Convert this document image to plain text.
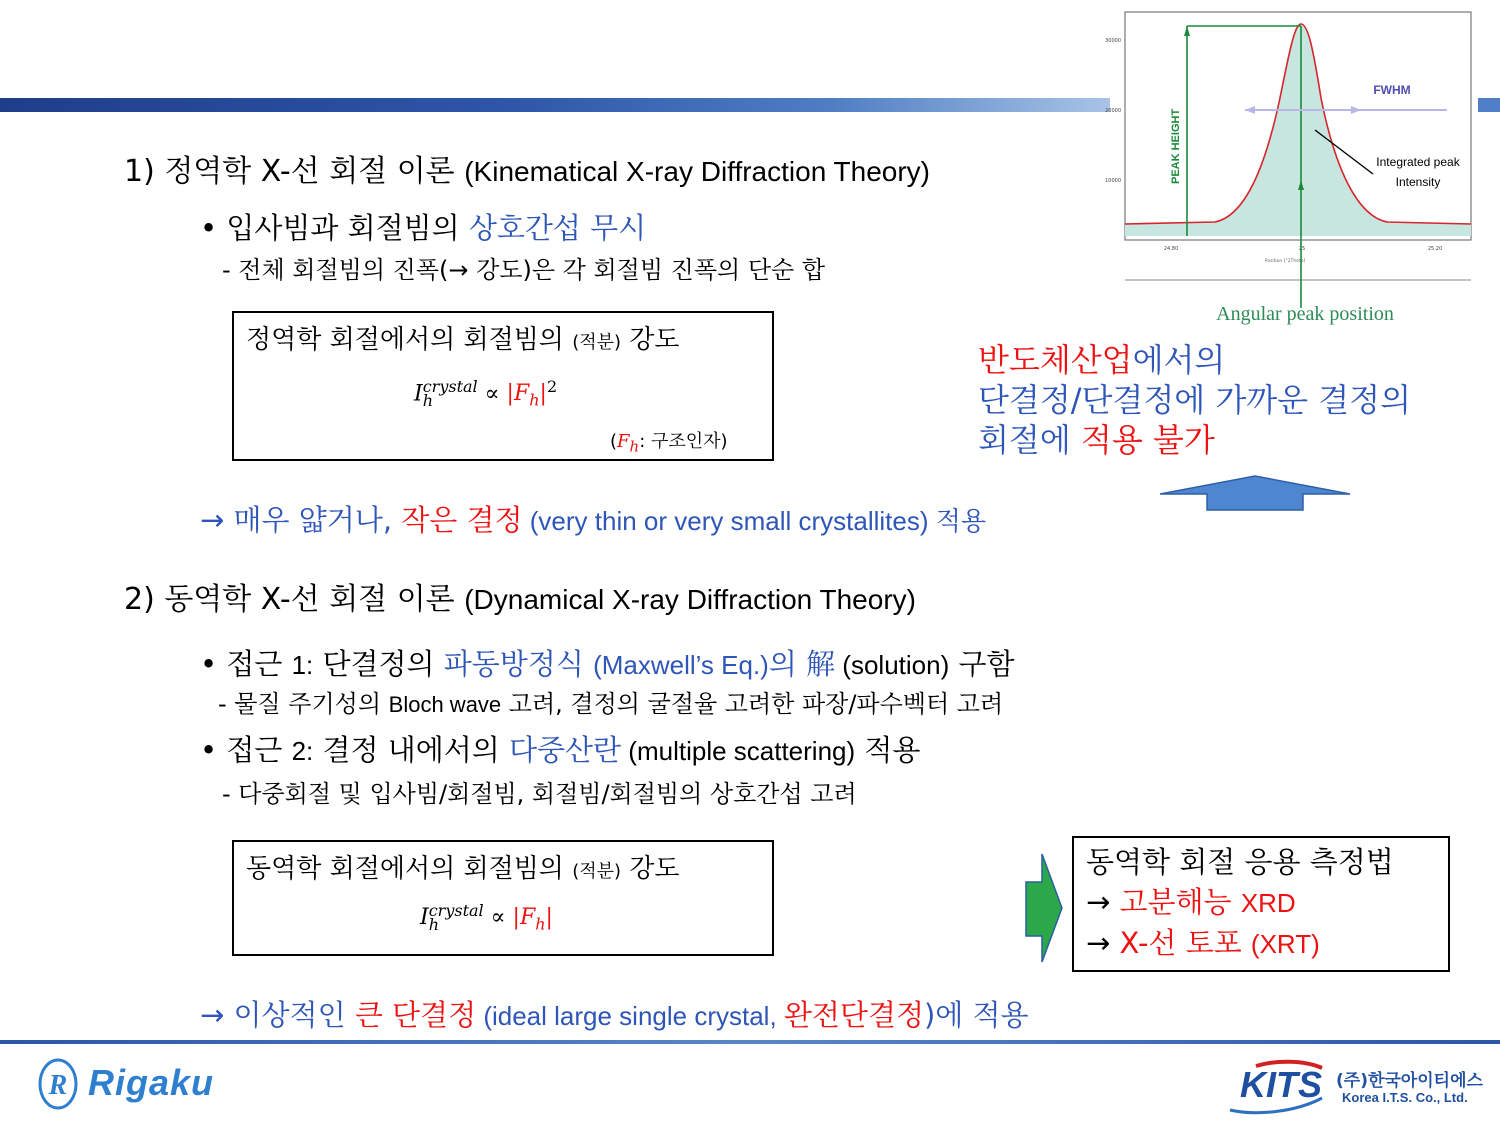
1) 정역학 X-선 회절 이론 (Kinematical X-ray Diffraction Theory)
• 입사빔과 회절빔의 상호간섭 무시
- 전체 회절빔의 진폭(→ 강도)은 각 회절빔 진폭의 단순 합
정역학 회절에서의 회절빔의 (적분) 강도
I crystal
h	∝ $|F_h|^2$
($F_h$: 구조인자)
→ 매우 얇거나, 작은 결정 (very thin or very small crystallites) 적용
30000
20000
10000
24.80	25	25.20
Position [°2Theta]
PEAK HEIGHT
FWHM
Integrated peak
Intensity
Angular peak position
반도체산업에서의
단결정/단결정에 가까운 결정의
회절에 적용 불가
2) 동역학 X-선 회절 이론 (Dynamical X-ray Diffraction Theory)
• 접근 1: 단결정의 파동방정식 (Maxwell’s Eq.)의 解 (solution) 구함
- 물질 주기성의 Bloch wave 고려, 결정의 굴절율 고려한 파장/파수벡터 고려
• 접근 2: 결정 내에서의 다중산란 (multiple scattering) 적용
- 다중회절 및 입사빔/회절빔, 회절빔/회절빔의 상호간섭 고려
동역학 회절에서의 회절빔의 (적분) 강도
I crystal
h	∝ $|F_h|$
동역학 회절 응용 측정법
→ 고분해능 XRD
→ X-선 토포 (XRT)
→ 이상적인 큰 단결정 (ideal large single crystal, 완전단결정)에 적용
R Rigaku	KITS (주)한국아이티에스
Korea I.T.S. Co., Ltd.
